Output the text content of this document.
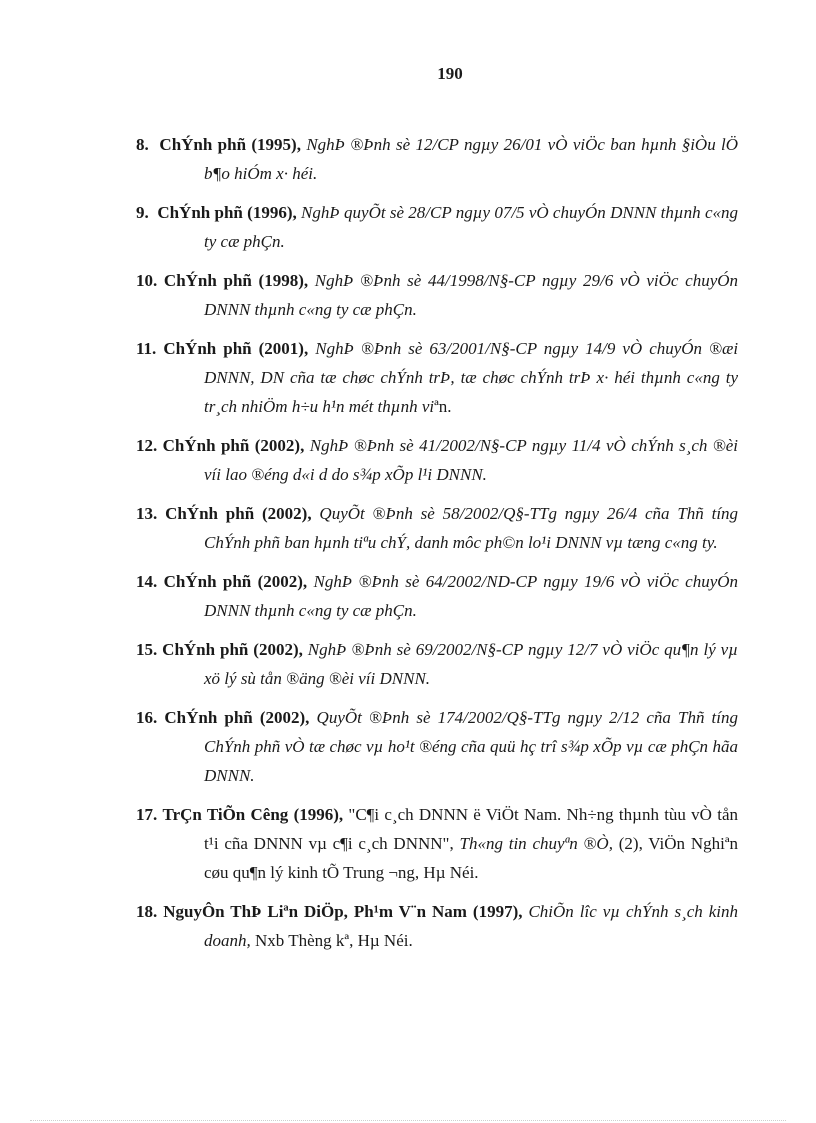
190
8. ChÝnh phñ (1995), NghÞ ®Þnh sè 12/CP ngµy 26/01 vÒ viÖc ban hµnh §iÒu lÖ b¶o hiÓm x· héi.
9. ChÝnh phñ (1996), NghÞ quyÕt sè 28/CP ngµy 07/5 vÒ chuyÓn DNNN thµnh c«ng ty cæ phÇn.
10. ChÝnh phñ (1998), NghÞ ®Þnh sè 44/1998/N§-CP ngµy 29/6 vÒ viÖc chuyÓn DNNN thµnh c«ng ty cæ phÇn.
11. ChÝnh phñ (2001), NghÞ ®Þnh sè 63/2001/N§-CP ngµy 14/9 vÒ chuyÓn ®æi DNNN, DN cña tæ chøc chÝnh trÞ, tæ chøc chÝnh trÞ x· héi thµnh c«ng ty tr¸ch nhiÖm h÷u h¹n mét thµnh viªn.
12. ChÝnh phñ (2002), NghÞ ®Þnh sè 41/2002/N§-CP ngµy 11/4 vÒ chÝnh s¸ch ®èi víi lao ®éng d«i d do s¾p xÕp l¹i DNNN.
13. ChÝnh phñ (2002), QuyÕt ®Þnh sè 58/2002/Q§-TTg ngµy 26/4 cña Thñ tíng ChÝnh phñ ban hµnh tiªu chÝ, danh môc ph©n lo¹i DNNN vµ tæng c«ng ty.
14. ChÝnh phñ (2002), NghÞ ®Þnh sè 64/2002/ND-CP ngµy 19/6 vÒ viÖc chuyÓn DNNN thµnh c«ng ty cæ phÇn.
15. ChÝnh phñ (2002), NghÞ ®Þnh sè 69/2002/N§-CP ngµy 12/7 vÒ viÖc qu¶n lý vµ xö lý sù tån ®äng ®èi víi DNNN.
16. ChÝnh phñ (2002), QuyÕt ®Þnh sè 174/2002/Q§-TTg ngµy 2/12 cña Thñ tíng ChÝnh phñ vÒ tæ chøc vµ ho¹t ®éng cña quü hç trî s¾p xÕp vµ cæ phÇn hãa DNNN.
17. TrÇn TiÕn Cêng (1996), "C¶i c¸ch DNNN ë ViÖt Nam. Nh÷ng thµnh tùu vÒ tån t¹i cña DNNN vµ c¶i c¸ch DNNN", Th«ng tin chuyªn ®Ò, (2), ViÖn Nghiªn cøu qu¶n lý kinh tÕ Trung ¬ng, Hµ Néi.
18. NguyÔn ThÞ Liªn DiÖp, Ph¹m V¨n Nam (1997), ChiÕn lîc vµ chÝnh s¸ch kinh doanh, Nxb Thèng kª, Hµ Néi.
